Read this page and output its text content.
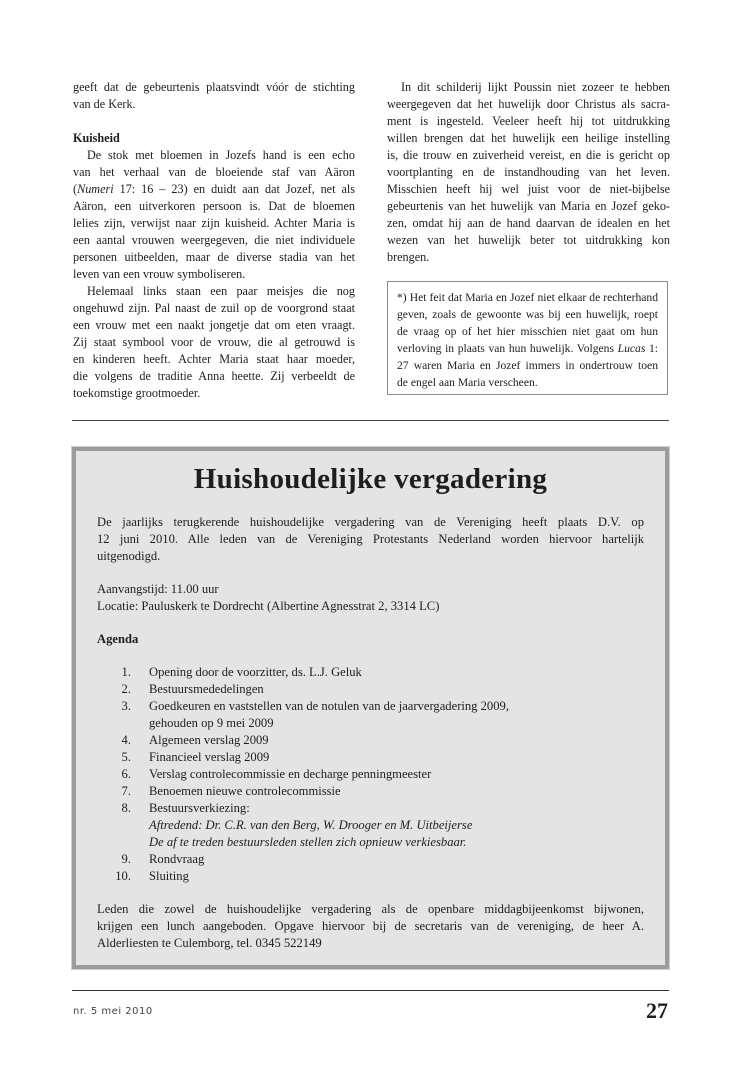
geeft dat de gebeurtenis plaatsvindt vóór de stichting
van de Kerk.
Kuisheid
De stok met bloemen in Jozefs hand is een echo
van het verhaal van de bloeiende staf van Aäron
(Numeri 17: 16 – 23) en duidt aan dat Jozef, net als
Aäron, een uitverkoren persoon is. Dat de bloemen
lelies zijn, verwijst naar zijn kuisheid. Achter Maria is
een aantal vrouwen weergegeven, die niet individuele
personen uitbeelden, maar de diverse stadia van het
leven van een vrouw symboliseren.
Helemaal links staan een paar meisjes die nog
ongehuwd zijn. Pal naast de zuil op de voorgrond staat
een vrouw met een naakt jongetje dat om eten vraagt.
Zij staat symbool voor de vrouw, die al getrouwd is
en kinderen heeft. Achter Maria staat haar moeder,
die volgens de traditie Anna heette. Zij verbeeldt de
toekomstige grootmoeder.
In dit schilderij lijkt Poussin niet zozeer te hebben
weergegeven dat het huwelijk door Christus als sacra-
ment is ingesteld. Veeleer heeft hij tot uitdrukking
willen brengen dat het huwelijk een heilige instelling
is, die trouw en zuiverheid vereist, en die is gericht op
voortplanting en de instandhouding van het leven.
Misschien heeft hij wel juist voor de niet-bijbelse
gebeurtenis van het huwelijk van Maria en Jozef geko-
zen, omdat hij aan de hand daarvan de idealen en het
wezen van het huwelijk beter tot uitdrukking kon
brengen.
*) Het feit dat Maria en Jozef niet elkaar de rechterhand
geven, zoals de gewoonte was bij een huwelijk, roept
de vraag op of het hier misschien niet gaat om hun
verloving in plaats van hun huwelijk. Volgens Lucas 1:
27 waren Maria en Jozef immers in ondertrouw toen
de engel aan Maria verscheen.
Huishoudelijke vergadering
De jaarlijks terugkerende huishoudelijke vergadering van de Vereniging heeft plaats D.V. op
12 juni 2010. Alle leden van de Vereniging Protestants Nederland worden hiervoor hartelijk
uitgenodigd.
Aanvangstijd: 11.00 uur
Locatie: Pauluskerk te Dordrecht (Albertine Agnesstrat 2, 3314 LC)
Agenda
1.	Opening door de voorzitter, ds. L.J. Geluk
2.	Bestuursmededelingen
3.	Goedkeuren en vaststellen van de notulen van de jaarvergadering 2009,
gehouden op 9 mei 2009
4.	Algemeen verslag 2009
5.	Financieel verslag 2009
6.	Verslag controlecommissie en decharge penningmeester
7.	Benoemen nieuwe controlecommissie
8.	Bestuursverkiezing:
Aftredend: Dr. C.R. van den Berg, W. Drooger en M. Uitbeijerse
De af te treden bestuursleden stellen zich opnieuw verkiesbaar.
9.	Rondvraag
10.	Sluiting
Leden die zowel de huishoudelijke vergadering als de openbare middagbijeenkomst bijwonen,
krijgen een lunch aangeboden. Opgave hiervoor bij de secretaris van de vereniging, de heer A.
Alderliesten te Culemborg, tel. 0345 522149
nr. 5 mei 2010	27
